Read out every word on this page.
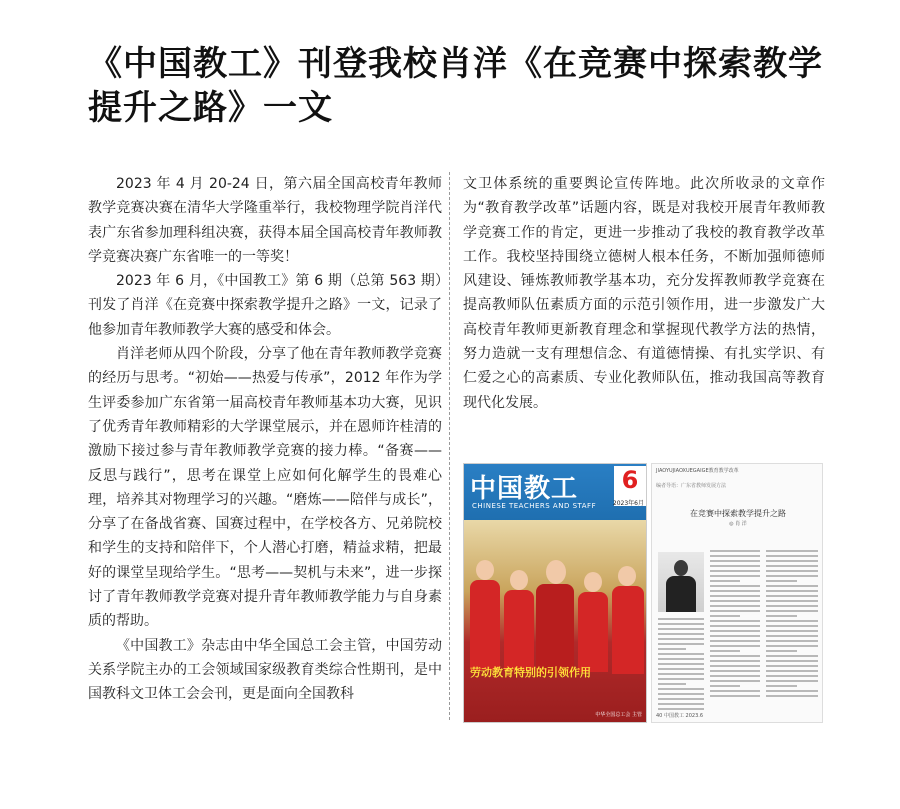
《中国教工》刊登我校肖洋《在竞赛中探索教学提升之路》一文

2023 年 4 月 20-24 日，第六届全国高校青年教师教学竞赛决赛在清华大学隆重举行，我校物理学院肖洋代表广东省参加理科组决赛，获得本届全国高校青年教师教学竞赛决赛广东省唯一的一等奖！

2023 年 6 月，《中国教工》第 6 期（总第 563 期）刊发了肖洋《在竞赛中探索教学提升之路》一文，记录了他参加青年教师教学大赛的感受和体会。

肖洋老师从四个阶段，分享了他在青年教师教学竞赛的经历与思考。“初始——热爱与传承”，2012 年作为学生评委参加广东省第一届高校青年教师基本功大赛，见识了优秀青年教师精彩的大学课堂展示，并在恩师许桂清的激励下接过参与青年教师教学竞赛的接力棒。“备赛——反思与践行”，思考在课堂上应如何化解学生的畏难心理，培养其对物理学习的兴趣。“磨炼——陪伴与成长”，分享了在备战省赛、国赛过程中，在学校各方、兄弟院校和学生的支持和陪伴下，个人潜心打磨，精益求精，把最好的课堂呈现给学生。“思考——契机与未来”，进一步探讨了青年教师教学竞赛对提升青年教师教学能力与自身素质的帮助。

《中国教工》杂志由中华全国总工会主管，中国劳动关系学院主办的工会领域国家级教育类综合性期刊，是中国教科文卫体工会会刊，更是面向全国教科

文卫体系统的重要舆论宣传阵地。此次所收录的文章作为“教育教学改革”话题内容，既是对我校开展青年教师教学竞赛工作的肯定，更进一步推动了我校的教育教学改革工作。我校坚持围绕立德树人根本任务，不断加强师德师风建设、锤炼教师教学基本功，充分发挥教师教学竞赛在提高教师队伍素质方面的示范引领作用，进一步激发广大高校青年教师更新教育理念和掌握现代教学方法的热情，努力造就一支有理想信念、有道德情操、有扎实学识、有仁爱之心的高素质、专业化教师队伍，推动我国高等教育现代化发展。

中国教工
CHINESE TEACHERS AND STAFF
6
2023年6月
劳动教育特别的引领作用
中华全国总工会 主管
JIAOYUJIAOXUEGAIGE教育教学改革
编者导语：广东省教师发展方法
在竞赛中探索教学提升之路
◎ 肖 洋
40 中国教工 2023.6
